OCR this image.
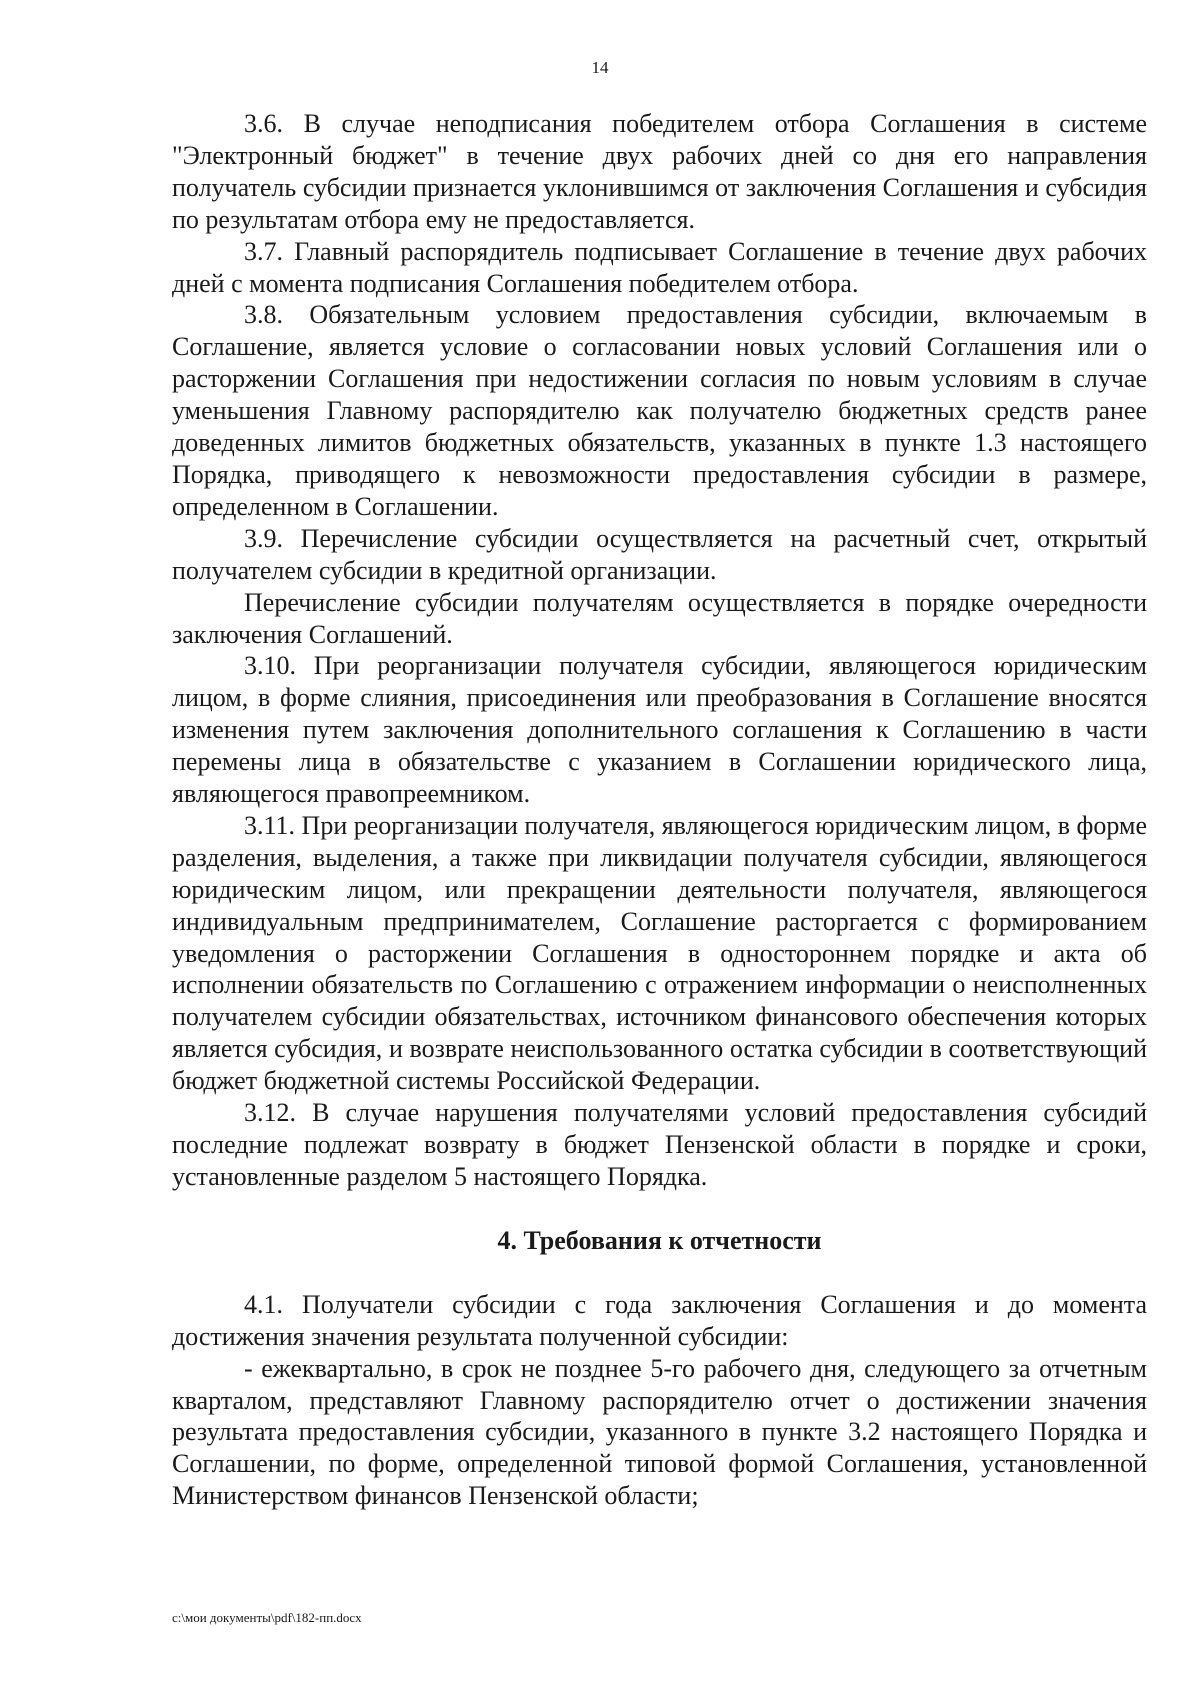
14

3.6. В случае неподписания победителем отбора Соглашения в системе "Электронный бюджет" в течение двух рабочих дней со дня его направления получатель субсидии признается уклонившимся от заключения Соглашения и субсидия по результатам отбора ему не предоставляется.

3.7. Главный распорядитель подписывает Соглашение в течение двух рабочих дней с момента подписания Соглашения победителем отбора.

3.8. Обязательным условием предоставления субсидии, включаемым в Соглашение, является условие о согласовании новых условий Соглашения или о расторжении Соглашения при недостижении согласия по новым условиям в случае уменьшения Главному распорядителю как получателю бюджетных средств ранее доведенных лимитов бюджетных обязательств, указанных в пункте 1.3 настоящего Порядка, приводящего к невозможности предоставления субсидии в размере, определенном в Соглашении.

3.9. Перечисление субсидии осуществляется на расчетный счет, открытый получателем субсидии в кредитной организации.

Перечисление субсидии получателям осуществляется в порядке очередности заключения Соглашений.

3.10. При реорганизации получателя субсидии, являющегося юридическим лицом, в форме слияния, присоединения или преобразования в Соглашение вносятся изменения путем заключения дополнительного соглашения к Соглашению в части перемены лица в обязательстве с указанием в Соглашении юридического лица, являющегося правопреемником.

3.11. При реорганизации получателя, являющегося юридическим лицом, в форме разделения, выделения, а также при ликвидации получателя субсидии, являющегося юридическим лицом, или прекращении деятельности получателя, являющегося индивидуальным предпринимателем, Соглашение расторгается с формированием уведомления о расторжении Соглашения в одностороннем порядке и акта об исполнении обязательств по Соглашению с отражением информации о неисполненных получателем субсидии обязательствах, источником финансового обеспечения которых является субсидия, и возврате неиспользованного остатка субсидии в соответствующий бюджет бюджетной системы Российской Федерации.

3.12. В случае нарушения получателями условий предоставления субсидий последние подлежат возврату в бюджет Пензенской области в порядке и сроки, установленные разделом 5 настоящего Порядка.

4. Требования к отчетности

4.1. Получатели субсидии с года заключения Соглашения и до момента достижения значения результата полученной субсидии:

- ежеквартально, в срок не позднее 5-го рабочего дня, следующего за отчетным кварталом, представляют Главному распорядителю отчет о достижении значения результата предоставления субсидии, указанного в пункте 3.2 настоящего Порядка и Соглашении, по форме, определенной типовой формой Соглашения, установленной Министерством финансов Пензенской области;

c:\мои документы\pdf\182-пп.docx
